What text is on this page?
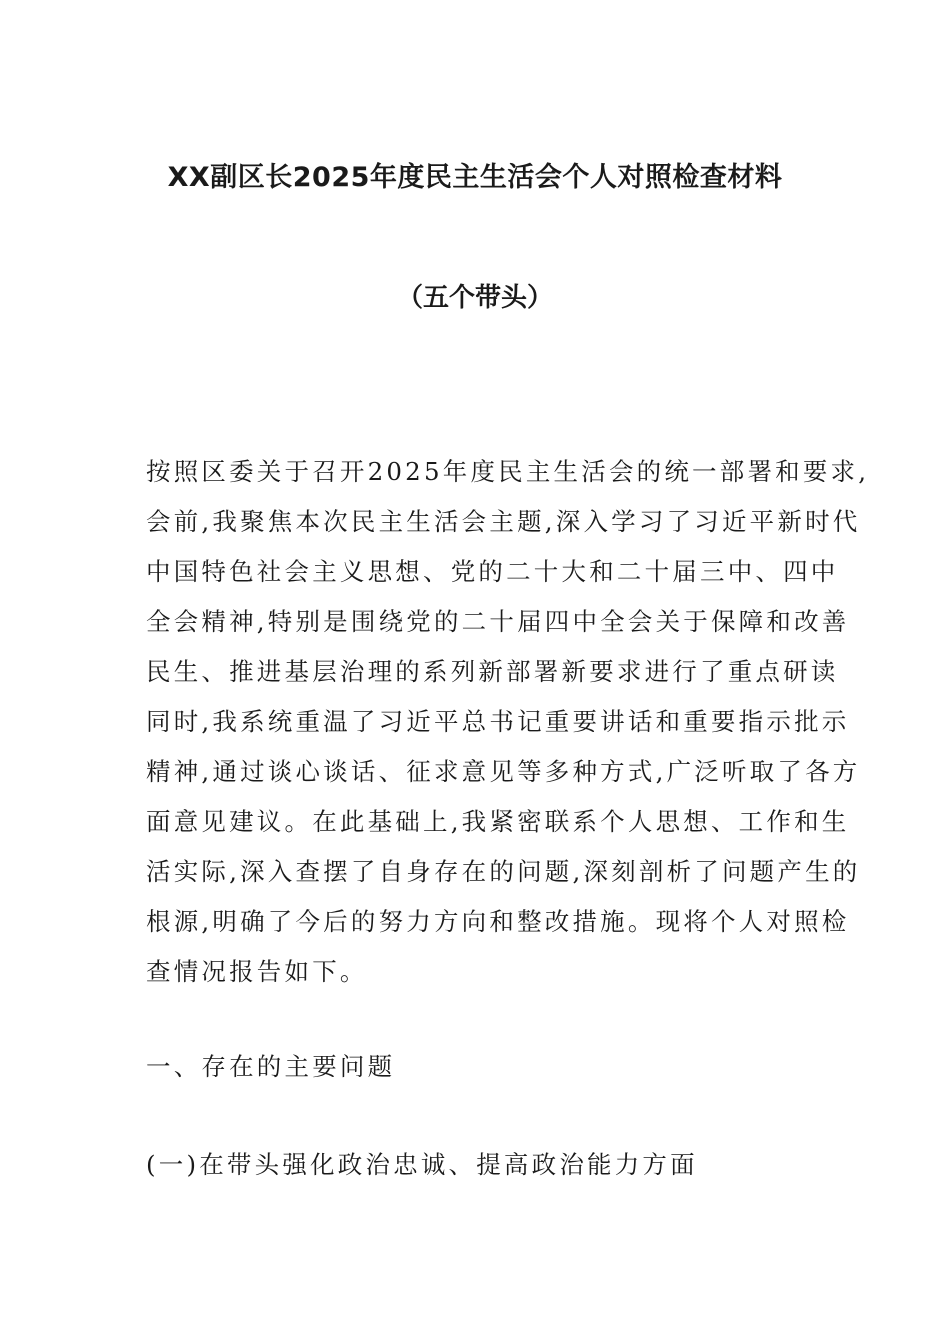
XX副区长2025年度民主生活会个人对照检查材料
（五个带头）
按照区委关于召开2025年度民主生活会的统一部署和要求,
会前,我聚焦本次民主生活会主题,深入学习了习近平新时代
中国特色社会主义思想、党的二十大和二十届三中、四中
全会精神,特别是围绕党的二十届四中全会关于保障和改善
民生、推进基层治理的系列新部署新要求进行了重点研读
同时,我系统重温了习近平总书记重要讲话和重要指示批示
精神,通过谈心谈话、征求意见等多种方式,广泛听取了各方
面意见建议。在此基础上,我紧密联系个人思想、工作和生
活实际,深入查摆了自身存在的问题,深刻剖析了问题产生的
根源,明确了今后的努力方向和整改措施。现将个人对照检
查情况报告如下。

一、存在的主要问题

(一)在带头强化政治忠诚、提高政治能力方面
